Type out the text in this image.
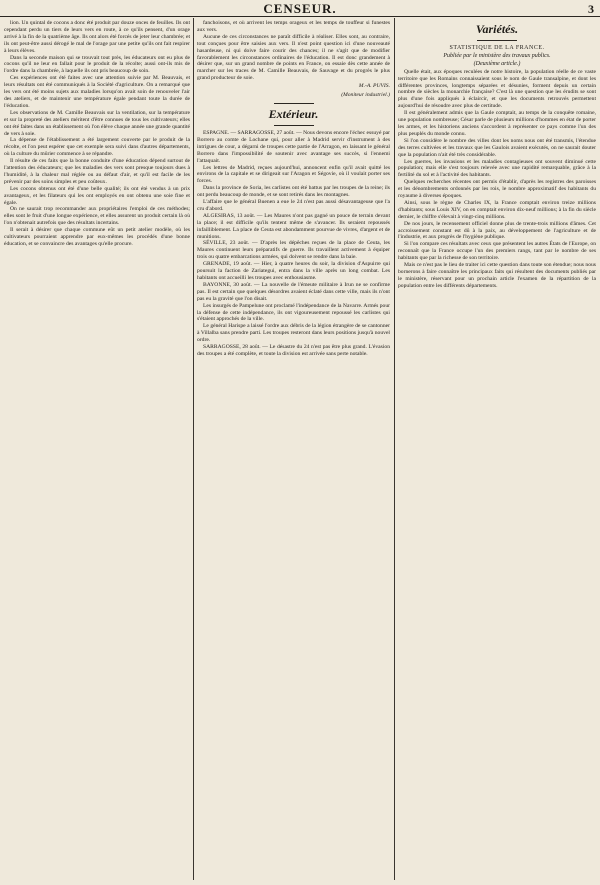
CENSEUR.	3

lion. Un quintal de cocons a donc été produit par douze onces de feuilles. Ils ont cependant perdu un tiers de leurs vers en route, à ce qu'ils pensent, d'un orage arrivé à la fin de la quatrième âge. Ils ont alors été forcés de jeter leur chambrée; et ils ont peut-être aussi dérogé le mal de l'orage par une petite qu'ils ont fait respirer à leurs élèves.

Dans la seconde maison qui se trouvait tout près, les éducateurs ont eu plus de cocons qu'il ne leur en fallait pour le produit de la récolte; aussi ont-ils mis de l'ordre dans la chambrée, à laquelle ils ont pris beaucoup de soin.

Ces expériences ont été faites avec une attention suivie par M. Beauvais, et leurs résultats ont été communiqués à la Société d'agriculture. On a remarqué que les vers ont été moins sujets aux maladies lorsqu'on avait soin de renouveler l'air des ateliers, et de maintenir une température égale pendant toute la durée de l'éducation.

Les observations de M. Camille Beauvais sur la ventilation, sur la température et sur la propreté des ateliers méritent d'être connues de tous les cultivateurs; elles ont été faites dans un établissement où l'on élève chaque année une grande quantité de vers à soie.

La dépense de l'établissement a été largement couverte par le produit de la récolte, et l'on peut espérer que cet exemple sera suivi dans d'autres départements, où la culture du mûrier commence à se répandre.

Il résulte de ces faits que la bonne conduite d'une éducation dépend surtout de l'attention des éducateurs; que les maladies des vers sont presque toujours dues à l'humidité, à la chaleur mal réglée ou au défaut d'air, et qu'il est facile de les prévenir par des soins simples et peu coûteux.

Les cocons obtenus ont été d'une belle qualité; ils ont été vendus à un prix avantageux, et les filateurs qui les ont employés en ont obtenu une soie fine et égale.

On ne saurait trop recommander aux propriétaires l'emploi de ces méthodes; elles sont le fruit d'une longue expérience, et elles assurent un produit certain là où l'on n'obtenait autrefois que des résultats incertains.

Il serait à désirer que chaque commune eût un petit atelier modèle, où les cultivateurs pourraient apprendre par eux-mêmes les procédés d'une bonne éducation, et se convaincre des avantages qu'elle procure.

fanchoisons, et où arrivent les temps orageux et les temps de touffeur si funestes aux vers.

Aucune de ces circonstances ne paraît difficile à réaliser. Elles sont, au contraire, tout conçues pour être saisies aux vers. Il n'est point question ici d'une nouveauté hasardeuse, ni qui doive faire courir des chances; il ne s'agit que de modifier favorablement les circonstances ordinaires de l'éducation. Il est donc grandement à désirer que, sur un grand nombre de points en France, on essaie dès cette année de marcher sur les traces de M. Camille Beauvais, de Sauvage et du progrès le plus grand producteur de soie.

M.-A. PUVIS.
(Moniteur industriel.)
Extérieur.

ESPAGNE. — SARRAGOSSE, 27 août. — Nous devons encore l'échec essuyé par Borrero au comte de Lochane qui, pour aller à Madrid servir d'instrument à des intrigues de cour, a dégarni de troupes cette partie de l'Arragon, en laissant le général Borrero dans l'impossibilité de soutenir avec avantage ses succès, si l'ennemi l'attaquait.

Les lettres de Madrid, reçues aujourd'hui, annoncent enfin qu'il avait quitté les environs de la capitale et se dirigeait sur l'Aragon et Ségovie, où il voulait porter ses forces.

Dans la province de Soria, les carlistes ont été battus par les troupes de la reine; ils ont perdu beaucoup de monde, et se sont retirés dans les montagnes.

L'affaire que le général Buenen a eue le 24 n'est pas aussi désavantageuse que l'a cru d'abord.

ALGESIRAS, 13 août. — Les Maures n'ont pas gagné un pouce de terrain devant la place; il est difficile qu'ils tentent même de s'avancer. Ils seraient repoussés infailliblement. La place de Ceuta est abondamment pourvue de vivres, d'argent et de munitions.

SÉVILLE, 23 août. — D'après les dépêches reçues de la place de Ceuta, les Maures continuent leurs préparatifs de guerre. Ils travaillent activement à équiper trois ou quatre embarcations armées, qui doivent se rendre dans la baie.

GRENADE, 19 août. — Hier, à quatre heures du soir, la division d'Aspuirre qui poursuit la faction de Zariategui, entra dans la ville après un long combat. Les habitants ont accueilli les troupes avec enthousiasme.

BAYONNE, 30 août. — La nouvelle de l'émeute militaire à Irun ne se confirme pas. Il est certain que quelques désordres avaient éclaté dans cette ville, mais ils n'ont pas eu la gravité que l'on disait.

Les insurgés de Pampelune ont proclamé l'indépendance de la Navarre. Armés pour la défense de cette indépendance, ils ont vigoureusement repoussé les carlistes qui s'étaient approchés de la ville.

Le général Harispe a laissé l'ordre aux débris de la légion étrangère de se cantonner à Villalba sans prendre parti. Les troupes resteront dans leurs positions jusqu'à nouvel ordre.

SARRAGOSSE, 28 août. — Le désastre du 24 n'est pas être plus grand. L'évasion des troupes a été complète, et toute la division est arrivée sans perte notable.

Variétés.
STATISTIQUE DE LA FRANCE.
Publiée par le ministère des travaux publics.
(Deuxième article.)

Quelle était, aux époques reculées de notre histoire, la population réelle de ce vaste territoire que les Romains connaissaient sous le nom de Gaule transalpine, et dont les différentes provinces, longtemps séparées et désunies, forment depuis un certain nombre de siècles la monarchie française? C'est là une question que les érudits se sont plus d'une fois appliqués à éclaircir, et que les documents retrouvés permettent aujourd'hui de résoudre avec plus de certitude.

Il est généralement admis que la Gaule comptait, au temps de la conquête romaine, une population nombreuse; César parle de plusieurs millions d'hommes en état de porter les armes, et les historiens anciens s'accordent à représenter ce pays comme l'un des plus peuplés du monde connu.

Si l'on considère le nombre des villes dont les noms nous ont été transmis, l'étendue des terres cultivées et les travaux que les Gaulois avaient exécutés, on ne saurait douter que la population n'ait été très considérable.

Les guerres, les invasions et les maladies contagieuses ont souvent diminué cette population; mais elle s'est toujours relevée avec une rapidité remarquable, grâce à la fertilité du sol et à l'activité des habitants.

Quelques recherches récentes ont permis d'établir, d'après les registres des paroisses et les dénombrements ordonnés par les rois, le nombre approximatif des habitants du royaume à diverses époques.

Ainsi, sous le règne de Charles IX, la France comptait environ treize millions d'habitants; sous Louis XIV, on en comptait environ dix-neuf millions; à la fin du siècle dernier, le chiffre s'élevait à vingt-cinq millions.

De nos jours, le recensement officiel donne plus de trente-trois millions d'âmes. Cet accroissement constant est dû à la paix, au développement de l'agriculture et de l'industrie, et aux progrès de l'hygiène publique.

Si l'on compare ces résultats avec ceux que présentent les autres États de l'Europe, on reconnaît que la France occupe l'un des premiers rangs, tant par le nombre de ses habitants que par la richesse de son territoire.

Mais ce n'est pas le lieu de traiter ici cette question dans toute son étendue; nous nous bornerons à faire connaître les principaux faits qui résultent des documents publiés par le ministère, réservant pour un prochain article l'examen de la répartition de la population entre les différents départements.
